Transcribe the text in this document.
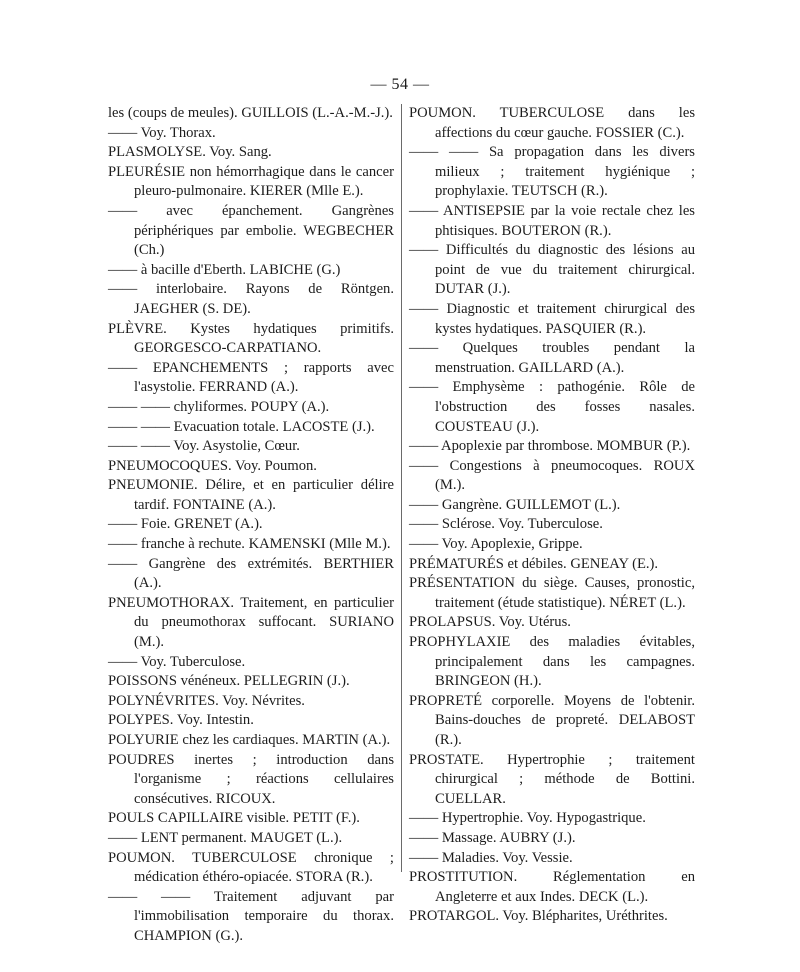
— 54 —

les (coups de meules). GUILLOIS (L.-A.-M.-J.).

—— Voy. Thorax.

PLASMOLYSE. Voy. Sang.

PLEURÉSIE non hémorrhagique dans le cancer pleuro-pulmonaire. KIERER (Mlle E.).

—— avec épanchement. Gangrènes périphériques par embolie. WEGBECHER (Ch.)

—— à bacille d'Eberth. LABICHE (G.)

—— interlobaire. Rayons de Röntgen. JAEGHER (S. DE).

PLÈVRE. Kystes hydatiques primitifs. GEORGESCO-CARPATIANO.

—— EPANCHEMENTS ; rapports avec l'asystolie. FERRAND (A.).

—— —— chyliformes. POUPY (A.).

—— —— Evacuation totale. LACOSTE (J.).

—— —— Voy. Asystolie, Cœur.

PNEUMOCOQUES. Voy. Poumon.

PNEUMONIE. Délire, et en particulier délire tardif. FONTAINE (A.).

—— Foie. GRENET (A.).

—— franche à rechute. KAMENSKI (Mlle M.).

—— Gangrène des extrémités. BERTHIER (A.).

PNEUMOTHORAX. Traitement, en particulier du pneumothorax suffocant. SURIANO (M.).

—— Voy. Tuberculose.

POISSONS vénéneux. PELLEGRIN (J.).

POLYNÉVRITES. Voy. Névrites.

POLYPES. Voy. Intestin.

POLYURIE chez les cardiaques. MARTIN (A.).

POUDRES inertes ; introduction dans l'organisme ; réactions cellulaires consécutives. RICOUX.

POULS CAPILLAIRE visible. PETIT (F.).

—— LENT permanent. MAUGET (L.).

POUMON. TUBERCULOSE chronique ; médication éthéro-opiacée. STORA (R.).

—— —— Traitement adjuvant par l'immobilisation temporaire du thorax. CHAMPION (G.).

POUMON. TUBERCULOSE dans les affections du cœur gauche. FOSSIER (C.).

—— —— Sa propagation dans les divers milieux ; traitement hygiénique ; prophylaxie. TEUTSCH (R.).

—— ANTISEPSIE par la voie rectale chez les phtisiques. BOUTERON (R.).

—— Difficultés du diagnostic des lésions au point de vue du traitement chirurgical. DUTAR (J.).

—— Diagnostic et traitement chirurgical des kystes hydatiques. PASQUIER (R.).

—— Quelques troubles pendant la menstruation. GAILLARD (A.).

—— Emphysème : pathogénie. Rôle de l'obstruction des fosses nasales. COUSTEAU (J.).

—— Apoplexie par thrombose. MOMBUR (P.).

—— Congestions à pneumocoques. ROUX (M.).

—— Gangrène. GUILLEMOT (L.).

—— Sclérose. Voy. Tuberculose.

—— Voy. Apoplexie, Grippe.

PRÉMATURÉS et débiles. GENEAY (E.).

PRÉSENTATION du siège. Causes, pronostic, traitement (étude statistique). NÉRET (L.).

PROLAPSUS. Voy. Utérus.

PROPHYLAXIE des maladies évitables, principalement dans les campagnes. BRINGEON (H.).

PROPRETÉ corporelle. Moyens de l'obtenir. Bains-douches de propreté. DELABOST (R.).

PROSTATE. Hypertrophie ; traitement chirurgical ; méthode de Bottini. CUELLAR.

—— Hypertrophie. Voy. Hypogastrique.

—— Massage. AUBRY (J.).

—— Maladies. Voy. Vessie.

PROSTITUTION. Réglementation en Angleterre et aux Indes. DECK (L.).

PROTARGOL. Voy. Blépharites, Uréthrites.
